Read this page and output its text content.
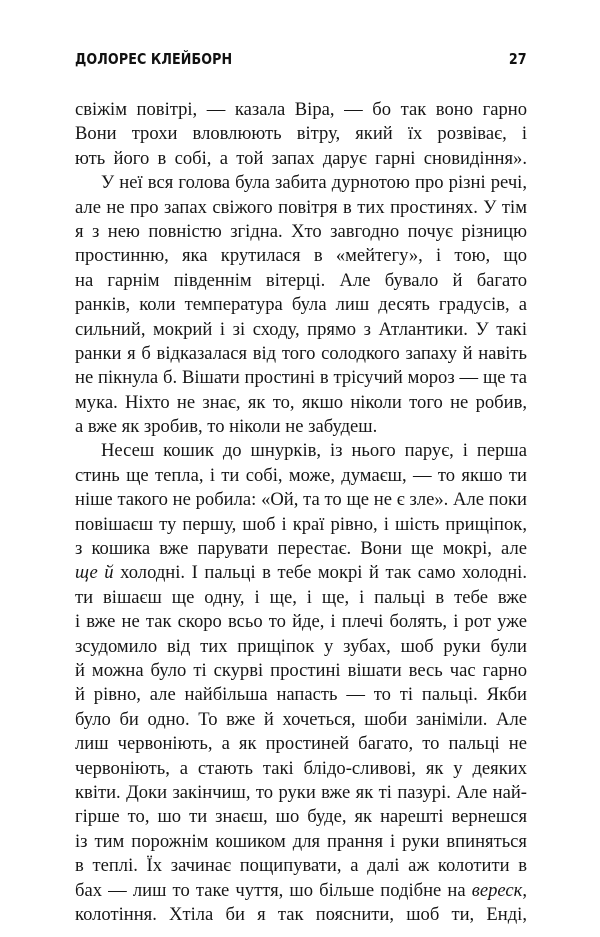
ДОЛОРЕС КЛЕЙБОРН	27
свіжім повітрі, — казала Віра, — бо так воно гарно
Вони трохи вловлюють вітру, який їх розвіває, і
ють його в собі, а той запах дарує гарні сновидіння».
У неї вся голова була забита дурнотою про різні речі,
але не про запах свіжого повітря в тих простинях. У тім
я з нею повністю згідна. Хто завгодно почує різницю
простинню, яка крутилася в «мейтегу», і тою, що
на гарнім південнім вітерці. Але бувало й багато
ранків, коли температура була лиш десять градусів, а
сильний, мокрий і зі сходу, прямо з Атлантики. У такі
ранки я б відказалася від того солодкого запаху й навіть
не пікнула б. Вішати простині в трісучий мороз — ще та
мука. Ніхто не знає, як то, якшо ніколи того не робив,
а вже як зробив, то ніколи не забудеш.
Несеш кошик до шнурків, із нього парує, і перша
стинь ще тепла, і ти собі, може, думаєш, — то якшо ти
ніше такого не робила: «Ой, та то ще не є зле». Але поки
повішаєш ту першу, шоб і краї рівно, і шість прищіпок,
з кошика вже парувати перестає. Вони ще мокрі, але
ще й холодні. І пальці в тебе мокрі й так само холодні.
ти вішаєш ще одну, і ще, і ще, і пальці в тебе вже
і вже не так скоро всьо то йде, і плечі болять, і рот уже
зсудомило від тих прищіпок у зубах, шоб руки були
й можна було ті скурві простині вішати весь час гарно
й рівно, але найбільша напасть — то ті пальці. Якби
було би одно. То вже й хочеться, шоби заніміли. Але
лиш червоніють, а як простиней багато, то пальці не
червоніють, а стають такі блідо-сливові, як у деяких
квіти. Доки закінчиш, то руки вже як ті пазурі. Але най-
гірше то, шо ти знаєш, шо буде, як нарешті вернешся
із тим порожнім кошиком для прання і руки впиняться
в теплі. Їх зачинає пощипувати, а далі аж колотити в
бах — лиш то таке чуття, шо більше подібне на вереск,
колотіння. Хтіла би я так пояснити, шоб ти, Енді,
